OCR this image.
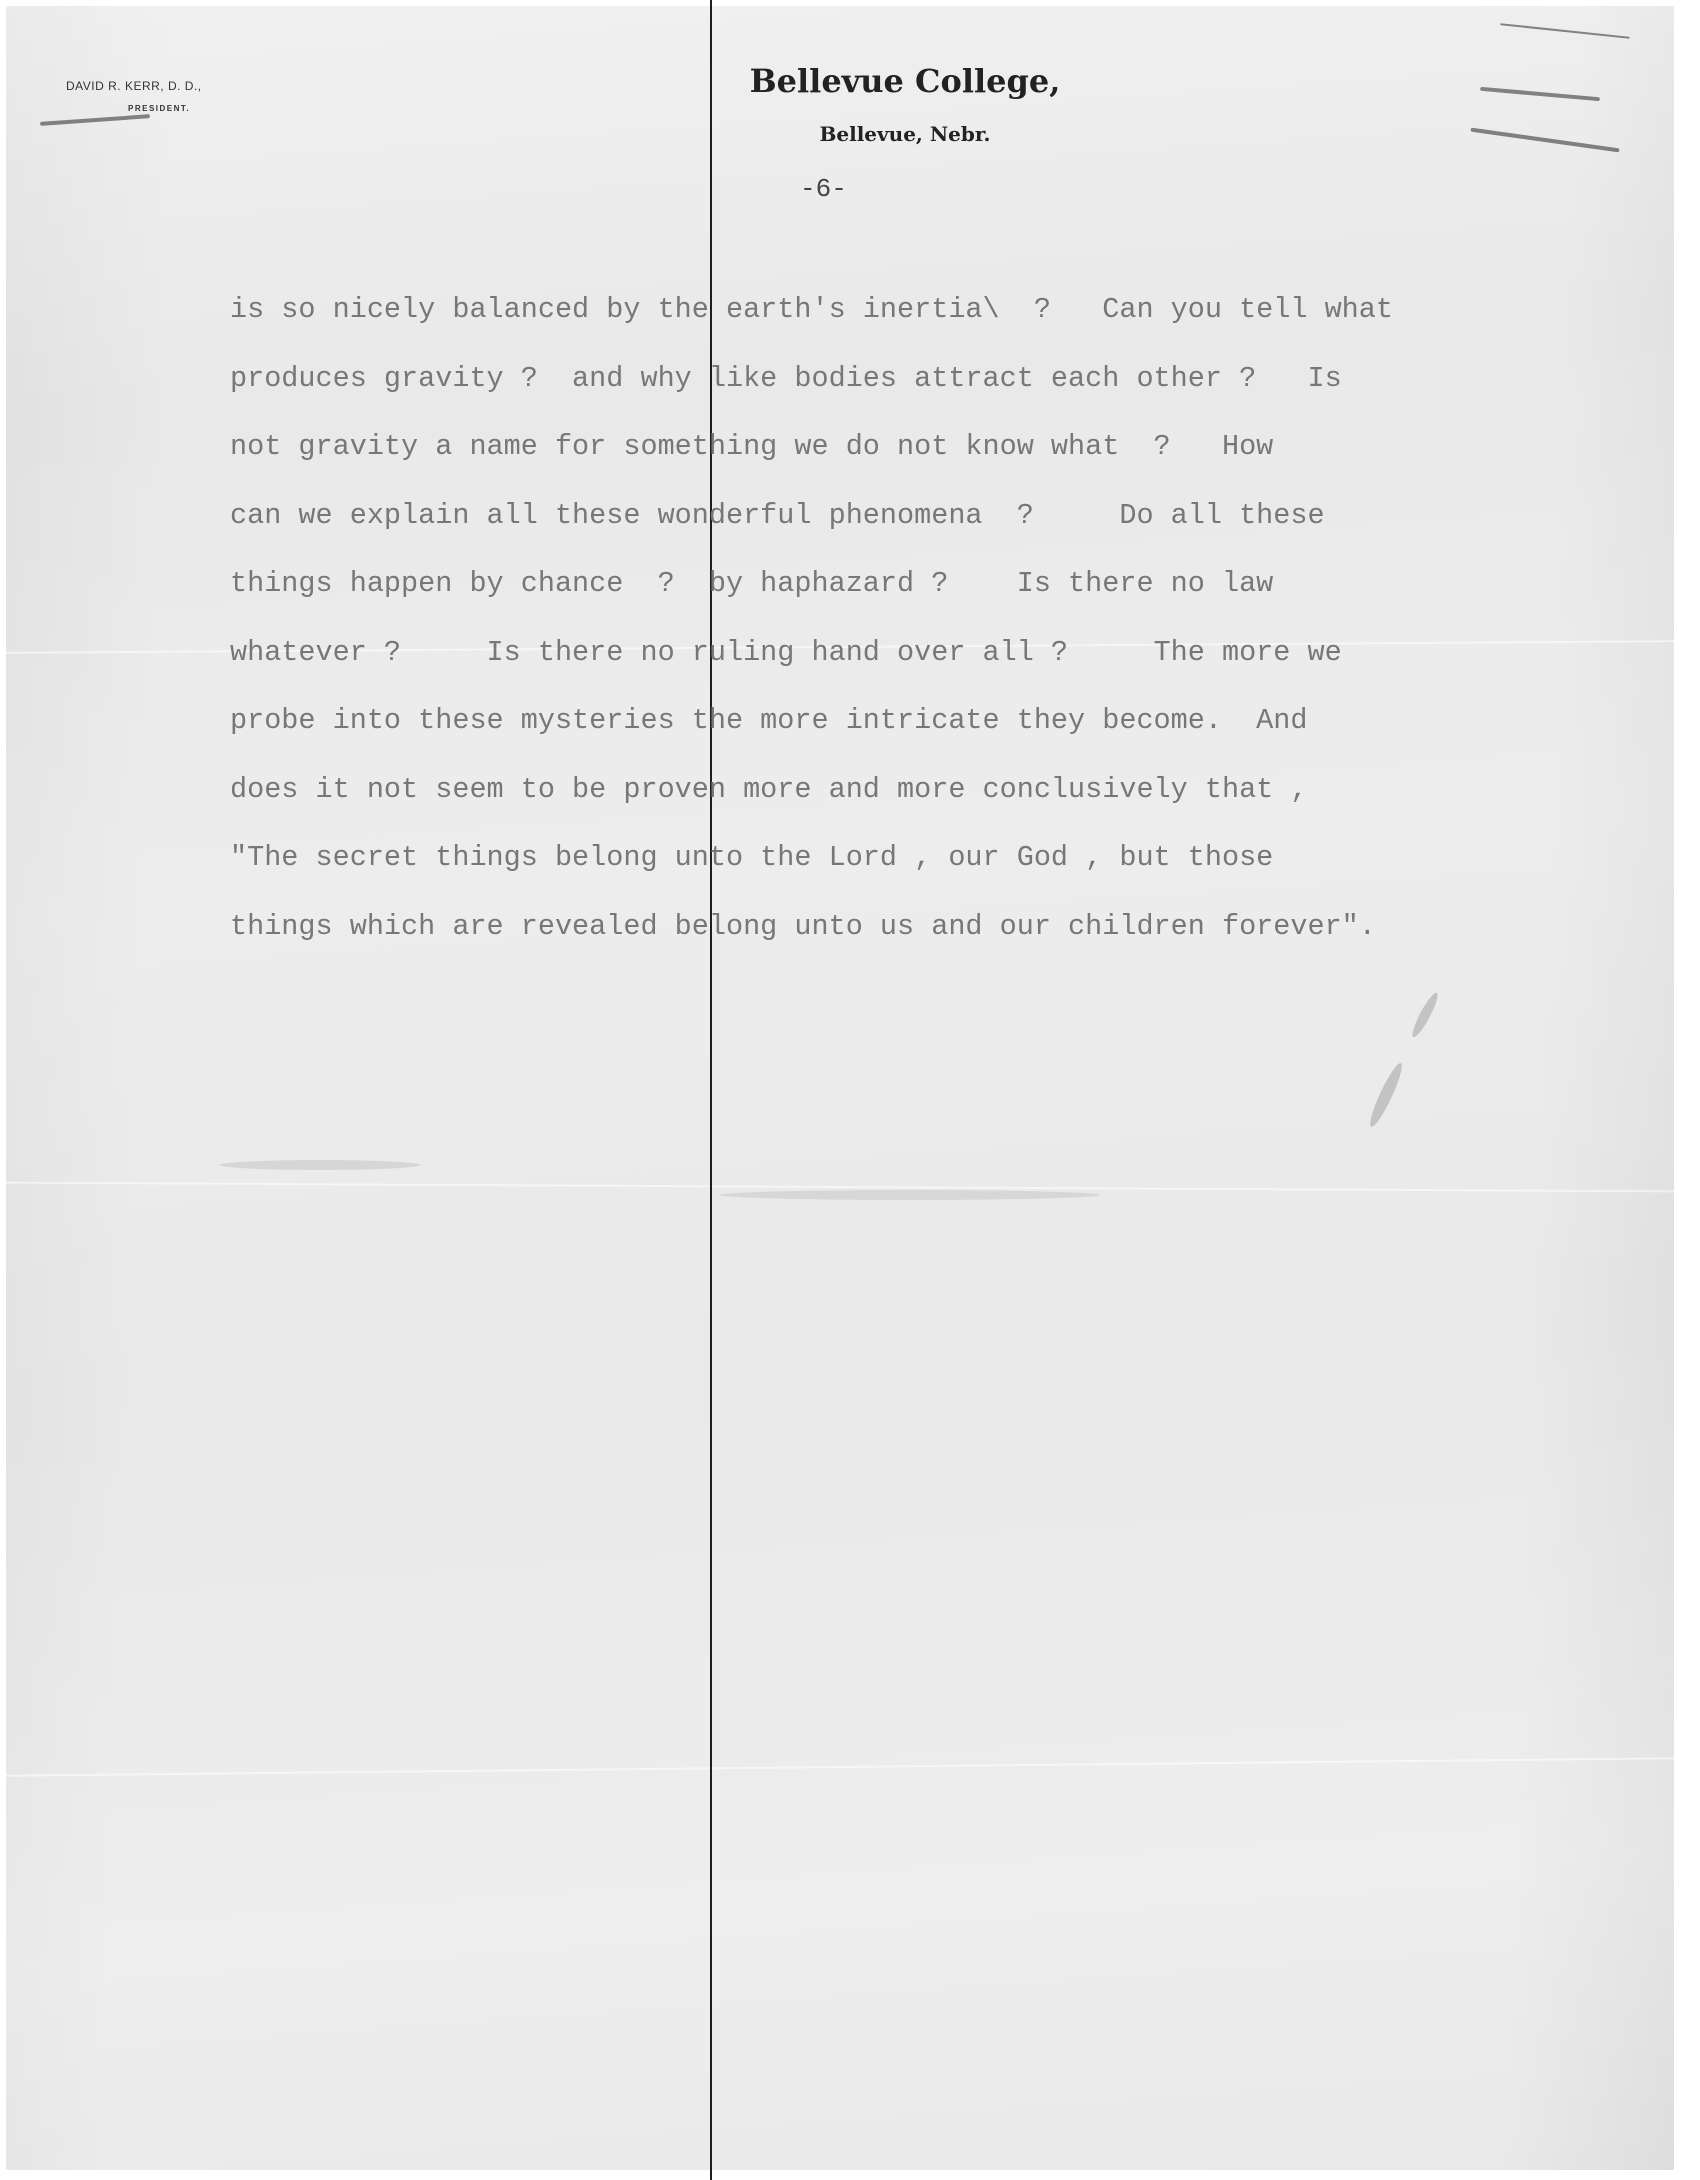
DAVID R. KERR, D. D.,
PRESIDENT.
Bellevue College,
Bellevue, Nebr.
-6-
is so nicely balanced by the earth's inertia\  ?   Can you tell what
produces gravity ?  and why like bodies attract each other ?   Is
not gravity a name for something we do not know what  ?   How
can we explain all these wonderful phenomena  ?     Do all these
things happen by chance  ?  by haphazard ?    Is there no law
whatever ?     Is there no ruling hand over all ?     The more we
probe into these mysteries the more intricate they become.  And
does it not seem to be proven more and more conclusively that ,
"The secret things belong unto the Lord , our God , but those
things which are revealed belong unto us and our children forever".
